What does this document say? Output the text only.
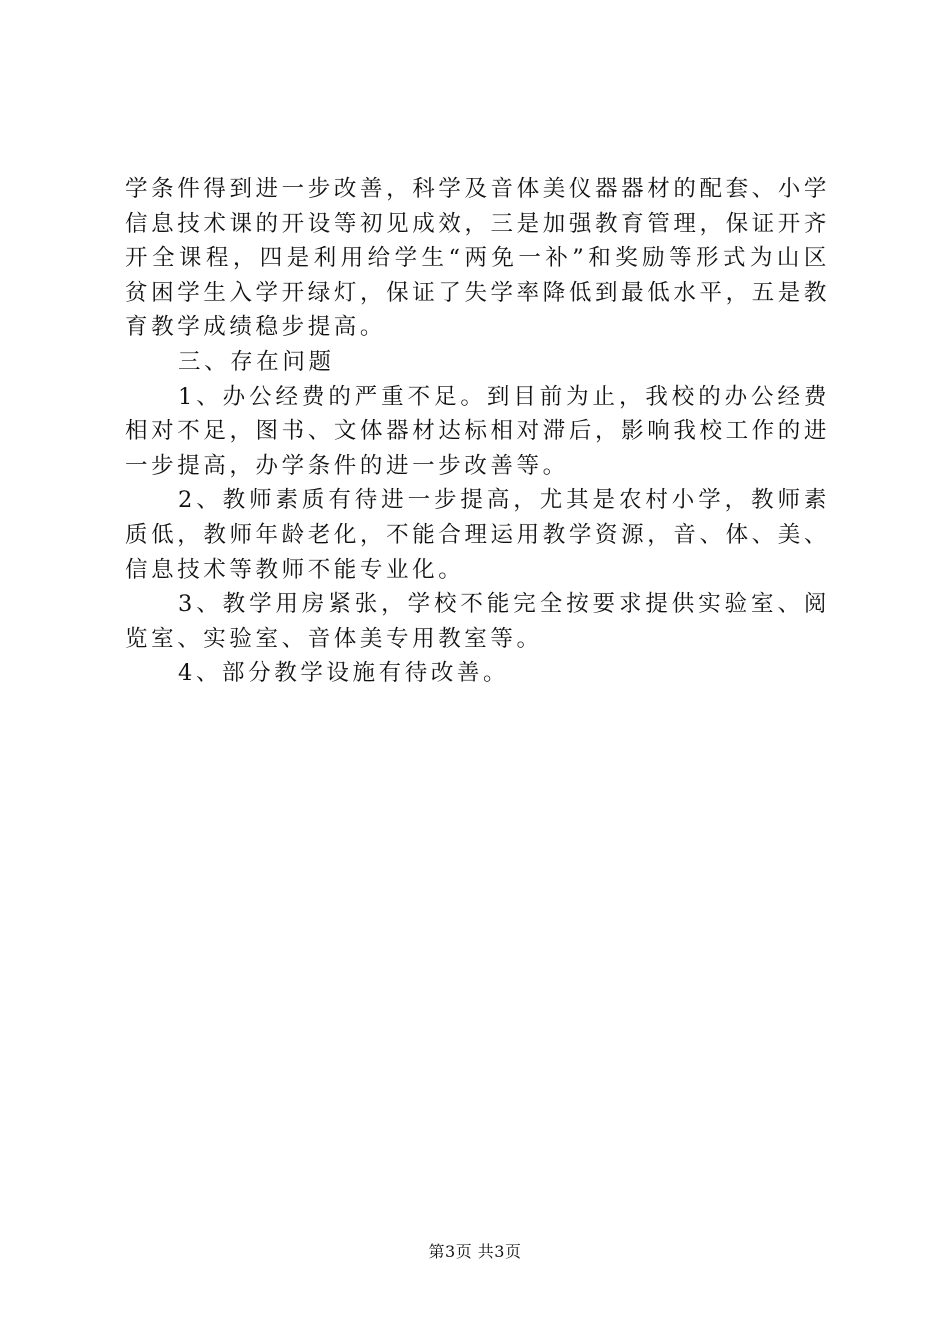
学条件得到进一步改善，科学及音体美仪器器材的配套、小学信息技术课的开设等初见成效，三是加强教育管理，保证开齐开全课程，四是利用给学生“两免一补”和奖励等形式为山区贫困学生入学开绿灯，保证了失学率降低到最低水平，五是教育教学成绩稳步提高。

三、存在问题

1、办公经费的严重不足。到目前为止，我校的办公经费相对不足，图书、文体器材达标相对滞后，影响我校工作的进一步提高，办学条件的进一步改善等。

2、教师素质有待进一步提高，尤其是农村小学，教师素质低，教师年龄老化，不能合理运用教学资源，音、体、美、信息技术等教师不能专业化。

3、教学用房紧张，学校不能完全按要求提供实验室、阅览室、实验室、音体美专用教室等。

4、部分教学设施有待改善。

第3页 共3页
